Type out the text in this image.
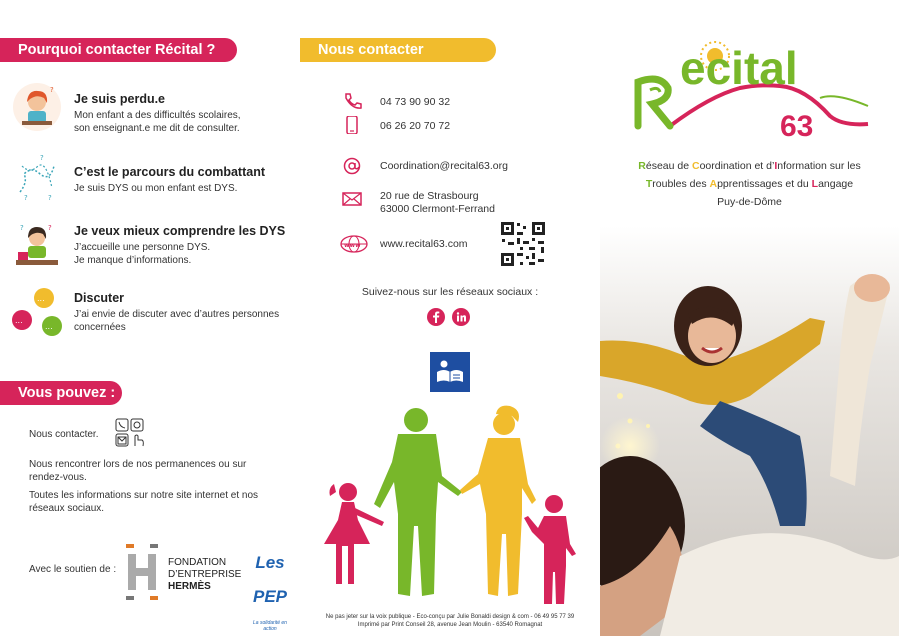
Pourquoi contacter Récital ?
?
Je suis perdu.e

Mon enfant a des difficultés scolaires,

son enseignant.e me dit de consulter.

?
?	?
C’est le parcours du combattant

Je suis DYS ou mon enfant est DYS.

?
?	Je veux mieux comprendre les DYS

J’accueille une personne DYS.

Je manque d’informations.

...
...
...
Discuter

J’ai envie de discuter avec d’autres personnes

concernées

Vous pouvez :
Nous contacter.
Nous rencontrer lors de nos permanences ou sur
rendez-vous.
Toutes les informations sur notre site internet et nos
réseaux sociaux.
Avec le soutien de :
FONDATION
D’ENTREPRISE
HERMÈS
Les PEP
La solidarité en action
Nous contacter
04 73 90 90 32
06 26 20 70 72
Coordination@recital63.org
20 rue de Strasbourg
63000 Clermont-Ferrand
www www.recital63.com
Suivez-nous sur les réseaux sociaux :
Ne pas jeter sur la voix publique - Eco-conçu par Julie Bonaldi design & com - 06 49 95 77 39
Imprimé par Print Conseil 28, avenue Jean Moulin - 63540 Romagnat
ecital
63
Réseau de Coordination et d’Information sur les
Troubles des Apprentissages et du Langage
Puy-de-Dôme
